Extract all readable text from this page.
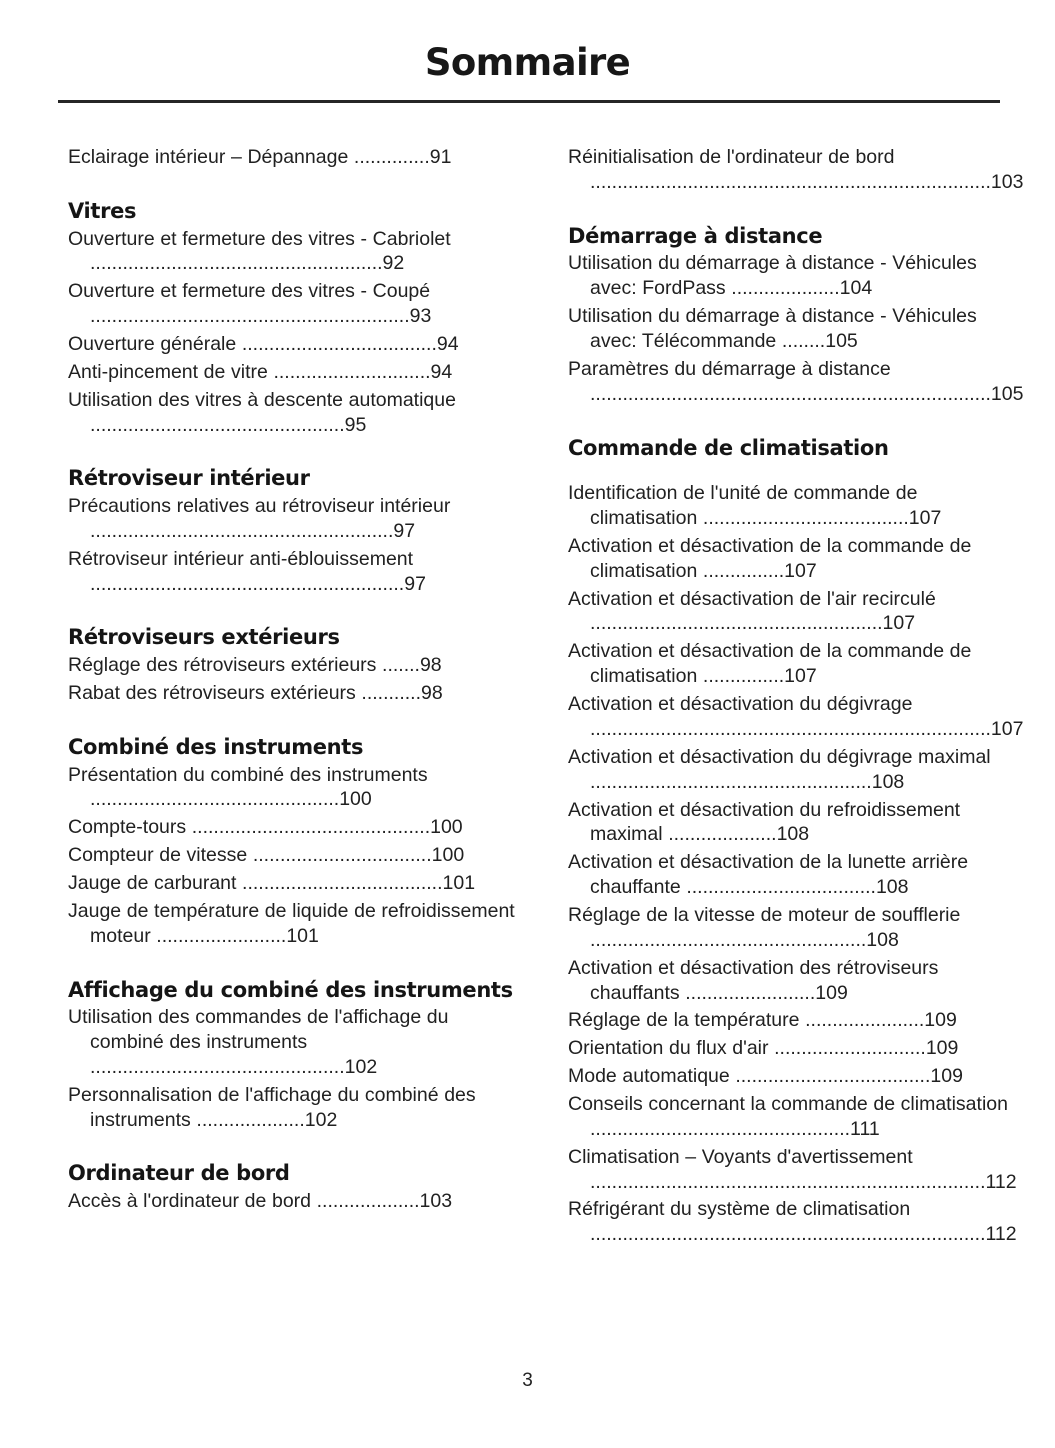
Sommaire
Eclairage intérieur – Dépannage ..............91
Vitres
Ouverture et fermeture des vitres - Cabriolet ......................................................92
Ouverture et fermeture des vitres - Coupé ...........................................................93
Ouverture générale ....................................94
Anti-pincement de vitre .............................94
Utilisation des vitres à descente automatique ...............................................95
Rétroviseur intérieur
Précautions relatives au rétroviseur intérieur ........................................................97
Rétroviseur intérieur anti-éblouissement ..........................................................97
Rétroviseurs extérieurs
Réglage des rétroviseurs extérieurs .......98
Rabat des rétroviseurs extérieurs ...........98
Combiné des instruments
Présentation du combiné des instruments ..............................................100
Compte-tours ............................................100
Compteur de vitesse .................................100
Jauge de carburant .....................................101
Jauge de température de liquide de refroidissement moteur ........................101
Affichage du combiné des instruments
Utilisation des commandes de l'affichage du combiné des instruments ...............................................102
Personnalisation de l'affichage du combiné des instruments ....................102
Ordinateur de bord
Accès à l'ordinateur de bord ...................103
Réinitialisation de l'ordinateur de bord ..........................................................................103
Démarrage à distance
Utilisation du démarrage à distance - Véhicules avec: FordPass ....................104
Utilisation du démarrage à distance - Véhicules avec: Télécommande ........105
Paramètres du démarrage à distance ..........................................................................105
Commande de climatisation
Identification de l'unité de commande de climatisation ......................................107
Activation et désactivation de la commande de climatisation ...............107
Activation et désactivation de l'air recirculé ......................................................107
Activation et désactivation de la commande de climatisation ...............107
Activation et désactivation du dégivrage ..........................................................................107
Activation et désactivation du dégivrage maximal ....................................................108
Activation et désactivation du refroidissement maximal ....................108
Activation et désactivation de la lunette arrière chauffante ...................................108
Réglage de la vitesse de moteur de soufflerie ...................................................108
Activation et désactivation des rétroviseurs chauffants ........................109
Réglage de la température ......................109
Orientation du flux d'air ............................109
Mode automatique ....................................109
Conseils concernant la commande de climatisation ................................................111
Climatisation – Voyants d'avertissement .........................................................................112
Réfrigérant du système de climatisation .........................................................................112
3
